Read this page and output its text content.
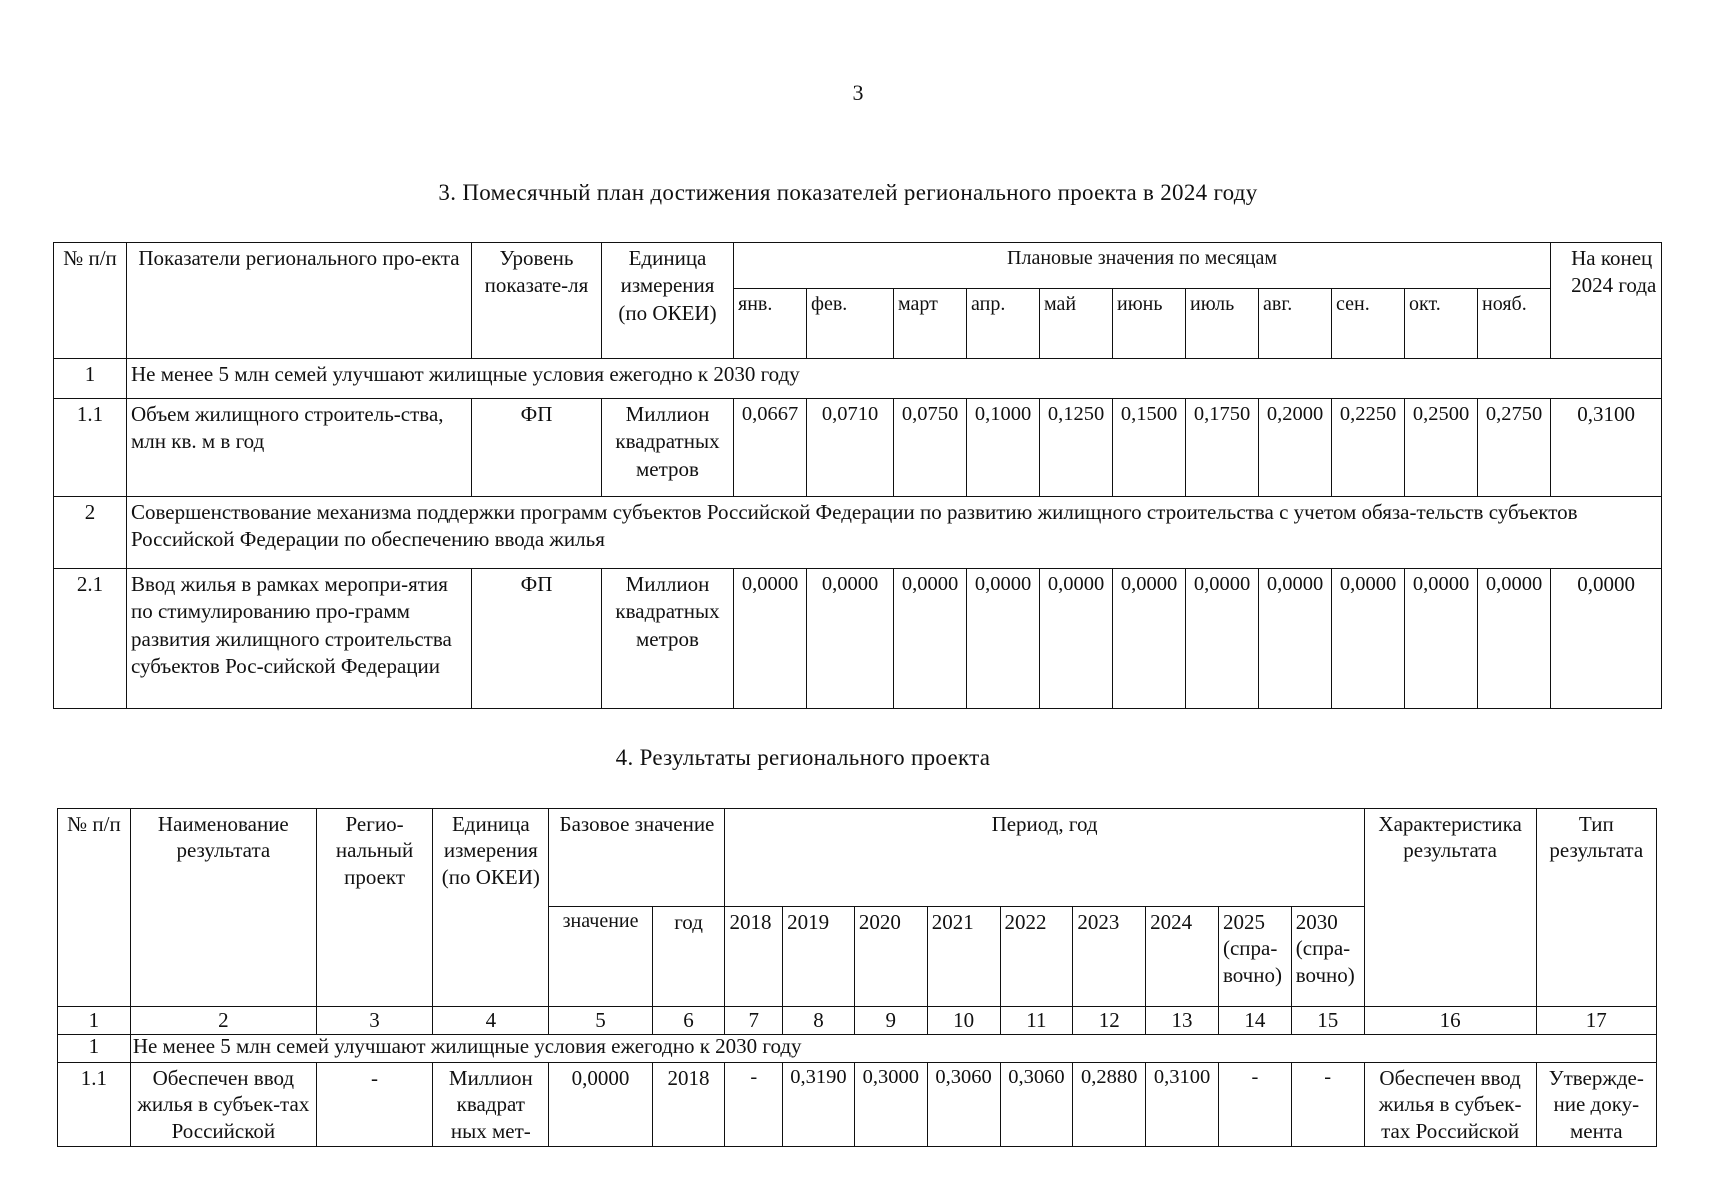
3
3. Помесячный план достижения показателей регионального проекта в 2024 году
№ п/п	Показатели регионального про-екта	Уровень показате-ля	Единица измерения (по ОКЕИ)	Плановые значения по месяцам											На конец 2024 года
				янв.	фев.	март	апр.	май	июнь	июль	авг.	сен.	окт.	нояб.	
1	Не менее 5 млн семей улучшают жилищные условия ежегодно к 2030 году														
1.1	Объем жилищного строитель-ства, млн кв. м в год	ФП	Миллион квадратных метров	0,0667	0,0710	0,0750	0,1000	0,1250	0,1500	0,1750	0,2000	0,2250	0,2500	0,2750	0,3100
2	Совершенствование механизма поддержки программ субъектов Российской Федерации по развитию жилищного строительства с учетом обяза-тельств субъектов Российской Федерации по обеспечению ввода жилья														
2.1	Ввод жилья в рамках меропри-ятия по стимулированию про-грамм развития жилищного строительства субъектов Рос-сийской Федерации	ФП	Миллион квадратных метров	0,0000	0,0000	0,0000	0,0000	0,0000	0,0000	0,0000	0,0000	0,0000	0,0000	0,0000	0,0000
4. Результаты регионального проекта
№ п/п	Наименование результата	Регио-нальный проект	Единица измерения (по ОКЕИ)	Базовое значение		Период, год									Характеристика результата	Тип результата
				значение	год	2018	2019	2020	2021	2022	2023	2024	2025 (спра-вочно)	2030 (спра-вочно)		
1	2	3	4	5	6	7	8	9	10	11	12	13	14	15	16	17
1	Не менее 5 млн семей улучшают жилищные условия ежегодно к 2030 году															
1.1	Обеспечен ввод жилья в субъек-тах Российской	-	Миллион квадрат ных мет-	0,0000	2018	-	0,3190	0,3000	0,3060	0,3060	0,2880	0,3100	-	-	Обеспечен ввод жилья в субъек-тах Российской	Утвержде-ние доку-мента
